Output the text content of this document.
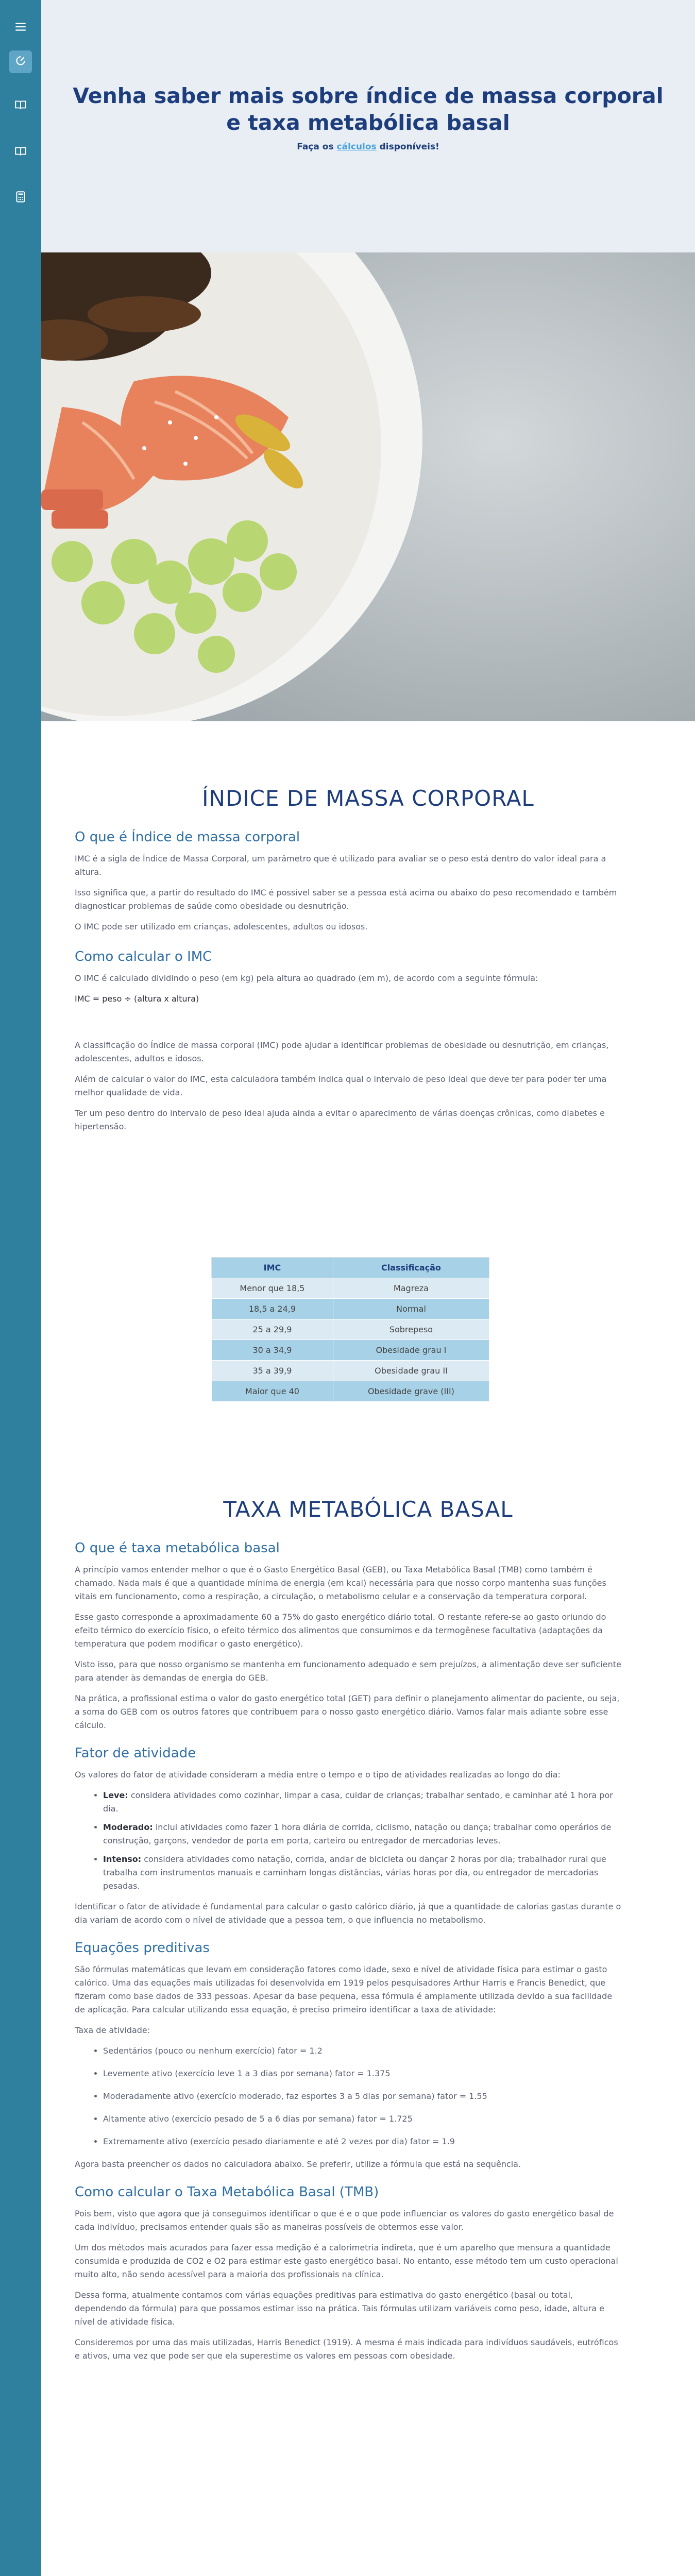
Venha saber mais sobre índice de massa corporal
e taxa metabólica basal
Faça os cálculos disponíveis!
ÍNDICE DE MASSA CORPORAL
O que é Índice de massa corporal

IMC é a sigla de Índice de Massa Corporal, um parâmetro que é utilizado para avaliar se o peso está dentro do valor ideal para a altura.

Isso significa que, a partir do resultado do IMC é possível saber se a pessoa está acima ou abaixo do peso recomendado e também diagnosticar problemas de saúde como obesidade ou desnutrição.

O IMC pode ser utilizado em crianças, adolescentes, adultos ou idosos.

Como calcular o IMC

O IMC é calculado dividindo o peso (em kg) pela altura ao quadrado (em m), de acordo com a seguinte fórmula:

IMC = peso ÷ (altura x altura)

A classificação do Índice de massa corporal (IMC) pode ajudar a identificar problemas de obesidade ou desnutrição, em crianças, adolescentes, adultos e idosos.

Além de calcular o valor do IMC, esta calculadora também indica qual o intervalo de peso ideal que deve ter para poder ter uma melhor qualidade de vida.

Ter um peso dentro do intervalo de peso ideal ajuda ainda a evitar o aparecimento de várias doenças crônicas, como diabetes e hipertensão.

IMC	Classificação
Menor que 18,5	Magreza
18,5 a 24,9	Normal
25 a 29,9	Sobrepeso
30 a 34,9	Obesidade grau I
35 a 39,9	Obesidade grau II
Maior que 40	Obesidade grave (III)
TAXA METABÓLICA BASAL
O que é taxa metabólica basal

A princípio vamos entender melhor o que é o Gasto Energético Basal (GEB), ou Taxa Metabólica Basal (TMB) como também é chamado. Nada mais é que a quantidade mínima de energia (em kcal) necessária para que nosso corpo mantenha suas funções vitais em funcionamento, como a respiração, a circulação, o metabolismo celular e a conservação da temperatura corporal.

Esse gasto corresponde a aproximadamente 60 a 75% do gasto energético diário total. O restante refere-se ao gasto oriundo do efeito térmico do exercício físico, o efeito térmico dos alimentos que consumimos e da termogênese facultativa (adaptações da temperatura que podem modificar o gasto energético).

Visto isso, para que nosso organismo se mantenha em funcionamento adequado e sem prejuízos, a alimentação deve ser suficiente para atender às demandas de energia do GEB.

Na prática, a profissional estima o valor do gasto energético total (GET) para definir o planejamento alimentar do paciente, ou seja, a soma do GEB com os outros fatores que contribuem para o nosso gasto energético diário. Vamos falar mais adiante sobre esse cálculo.

Fator de atividade

Os valores do fator de atividade consideram a média entre o tempo e o tipo de atividades realizadas ao longo do dia:

• Leve: considera atividades como cozinhar, limpar a casa, cuidar de crianças; trabalhar sentado, e caminhar até 1 hora por dia.
• Moderado: inclui atividades como fazer 1 hora diária de corrida, ciclismo, natação ou dança; trabalhar como operários de construção, garçons, vendedor de porta em porta, carteiro ou entregador de mercadorias leves.
• Intenso: considera atividades como natação, corrida, andar de bicicleta ou dançar 2 horas por dia; trabalhador rural que trabalha com instrumentos manuais e caminham longas distâncias, várias horas por dia, ou entregador de mercadorias pesadas.

Identificar o fator de atividade é fundamental para calcular o gasto calórico diário, já que a quantidade de calorias gastas durante o dia variam de acordo com o nível de atividade que a pessoa tem, o que influencia no metabolismo.

Equações preditivas

São fórmulas matemáticas que levam em consideração fatores como idade, sexo e nível de atividade física para estimar o gasto calórico. Uma das equações mais utilizadas foi desenvolvida em 1919 pelos pesquisadores Arthur Harris e Francis Benedict, que fizeram como base dados de 333 pessoas. Apesar da base pequena, essa fórmula é amplamente utilizada devido a sua facilidade de aplicação. Para calcular utilizando essa equação, é preciso primeiro identificar a taxa de atividade:

Taxa de atividade:

• Sedentários (pouco ou nenhum exercício) fator = 1.2
• Levemente ativo (exercício leve 1 a 3 dias por semana) fator = 1.375
• Moderadamente ativo (exercício moderado, faz esportes 3 a 5 dias por semana) fator = 1.55
• Altamente ativo (exercício pesado de 5 a 6 dias por semana) fator = 1.725
• Extremamente ativo (exercício pesado diariamente e até 2 vezes por dia) fator = 1.9

Agora basta preencher os dados no calculadora abaixo. Se preferir, utilize a fórmula que está na sequência.

Como calcular o Taxa Metabólica Basal (TMB)

Pois bem, visto que agora que já conseguimos identificar o que é e o que pode influenciar os valores do gasto energético basal de cada indivíduo, precisamos entender quais são as maneiras possíveis de obtermos esse valor.

Um dos métodos mais acurados para fazer essa medição é a calorimetria indireta, que é um aparelho que mensura a quantidade consumida e produzida de CO2 e O2 para estimar este gasto energético basal. No entanto, esse método tem um custo operacional muito alto, não sendo acessível para a maioria dos profissionais na clínica.

Dessa forma, atualmente contamos com várias equações preditivas para estimativa do gasto energético (basal ou total, dependendo da fórmula) para que possamos estimar isso na prática. Tais fórmulas utilizam variáveis como peso, idade, altura e nível de atividade física.

Consideremos por uma das mais utilizadas, Harris Benedict (1919). A mesma é mais indicada para indivíduos saudáveis, eutróficos e ativos, uma vez que pode ser que ela superestime os valores em pessoas com obesidade.
